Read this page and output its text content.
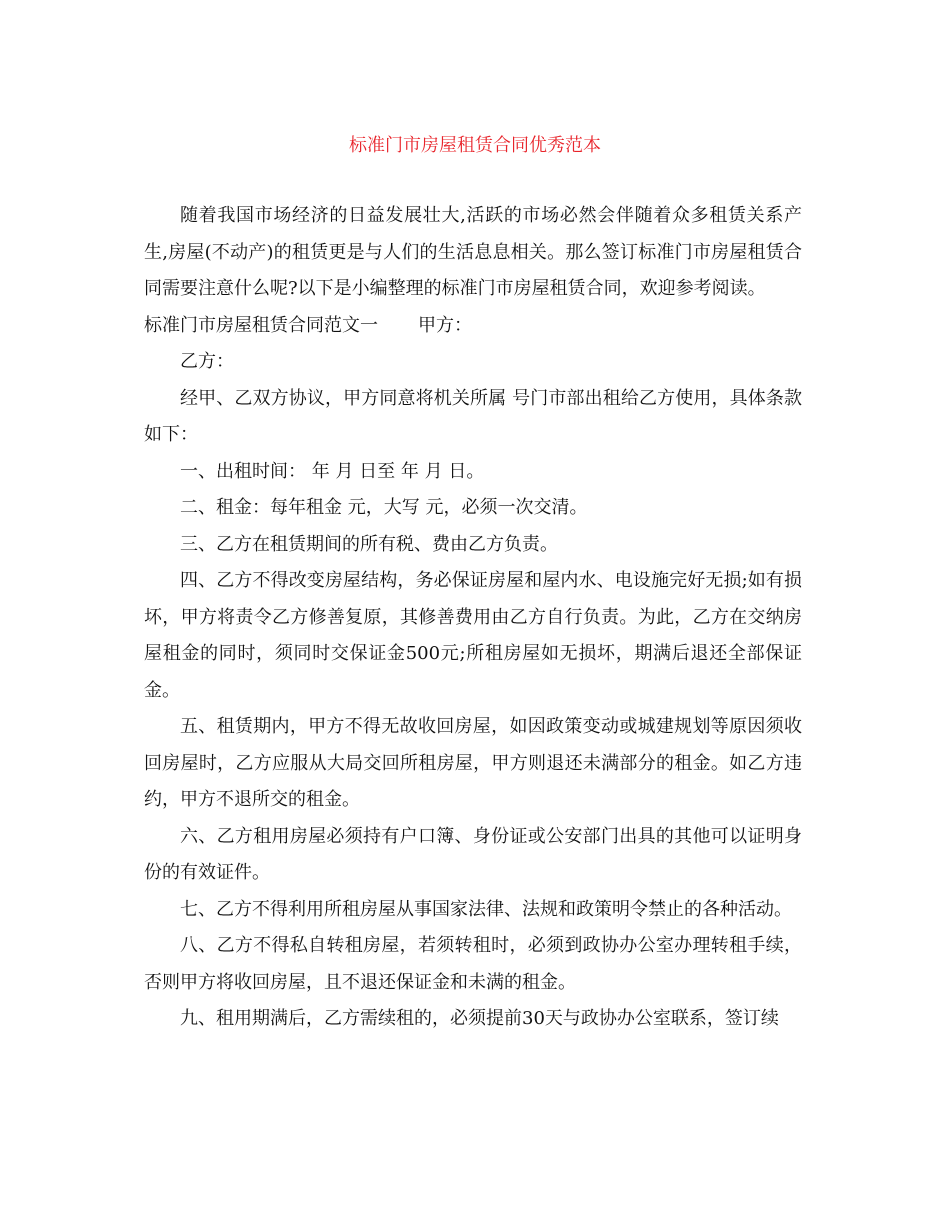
标准门市房屋租赁合同优秀范本

随着我国市场经济的日益发展壮大,活跃的市场必然会伴随着众多租赁关系产生,房屋(不动产)的租赁更是与人们的生活息息相关。那么签订标准门市房屋租赁合同需要注意什么呢?以下是小编整理的标准门市房屋租赁合同，欢迎参考阅读。

标准门市房屋租赁合同范文一 甲方：

乙方：

经甲、乙双方协议，甲方同意将机关所属 号门市部出租给乙方使用，具体条款如下：

一、出租时间： 年 月 日至 年 月 日。

二、租金：每年租金 元，大写 元，必须一次交清。

三、乙方在租赁期间的所有税、费由乙方负责。

四、乙方不得改变房屋结构，务必保证房屋和屋内水、电设施完好无损;如有损坏，甲方将责令乙方修善复原，其修善费用由乙方自行负责。为此，乙方在交纳房屋租金的同时，须同时交保证金500元;所租房屋如无损坏，期满后退还全部保证金。

五、租赁期内，甲方不得无故收回房屋，如因政策变动或城建规划等原因须收回房屋时，乙方应服从大局交回所租房屋，甲方则退还未满部分的租金。如乙方违约，甲方不退所交的租金。

六、乙方租用房屋必须持有户口簿、身份证或公安部门出具的其他可以证明身份的有效证件。

七、乙方不得利用所租房屋从事国家法律、法规和政策明令禁止的各种活动。

八、乙方不得私自转租房屋，若须转租时，必须到政协办公室办理转租手续，否则甲方将收回房屋，且不退还保证金和未满的租金。

九、租用期满后，乙方需续租的，必须提前30天与政协办公室联系，签订续
